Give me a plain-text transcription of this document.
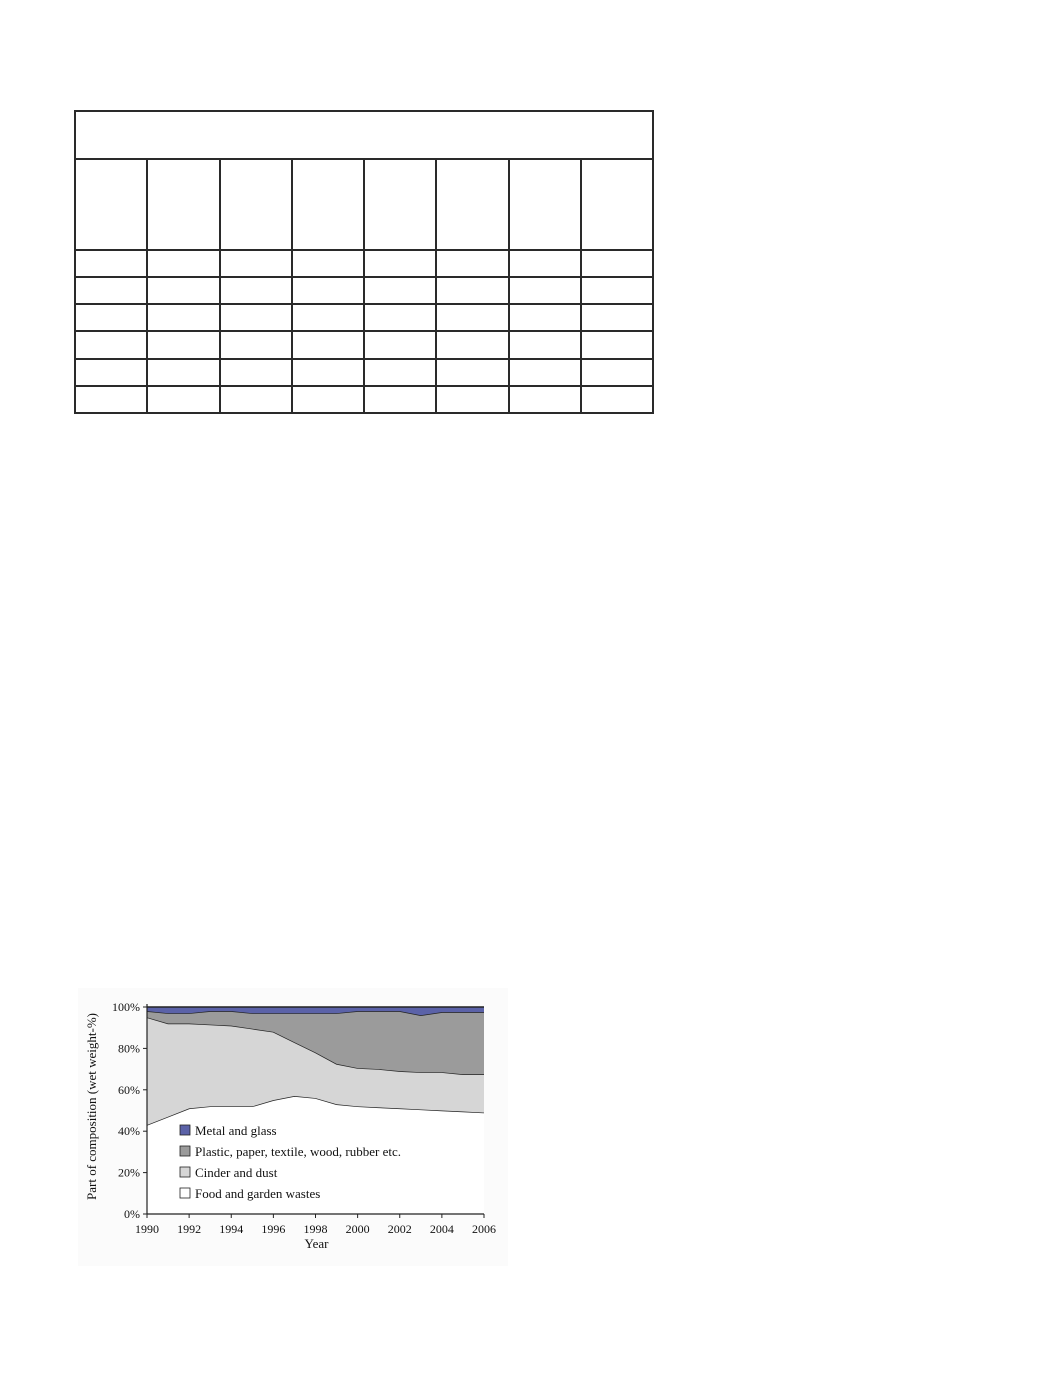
0%
20%
40%
60%
80%
100%
1990 1992 1994 1996 1998 2000 2002 2004 2006
Year
Part of composition (wet weight-%)	Metal and glass
Plastic, paper, textile, wood, rubber etc.
Cinder and dust
Food and garden wastes
